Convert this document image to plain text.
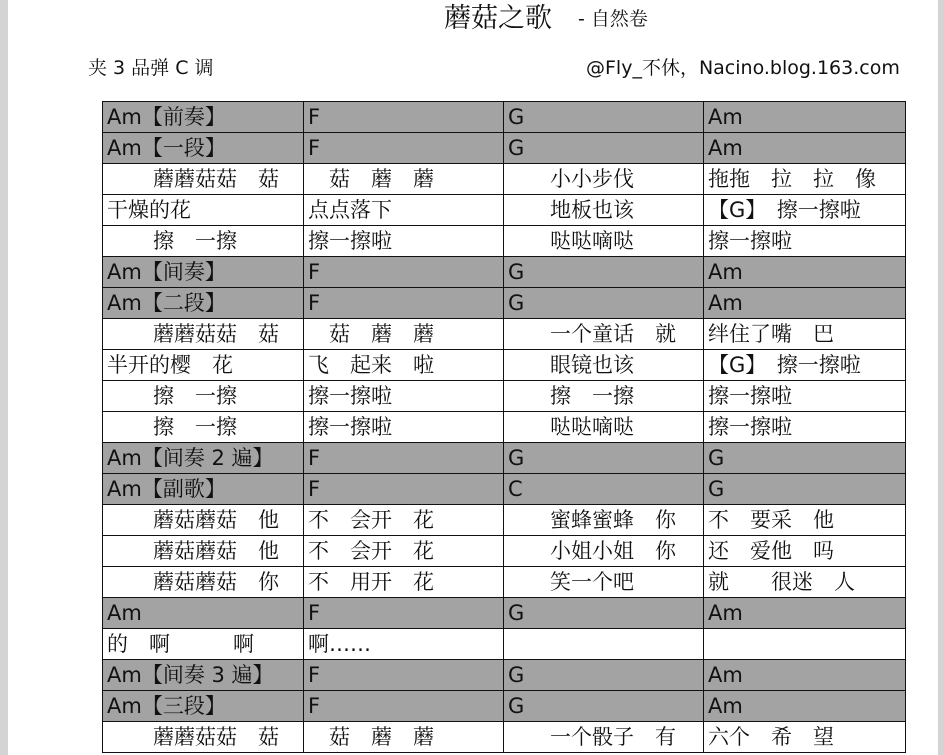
蘑菇之歌 - 自然卷
夹 3 品弹 C 调	@Fly_不休，Nacino.blog.163.com
Am【前奏】	F	G	Am
Am【一段】	F	G	Am
蘑蘑菇菇　菇	　菇　蘑　蘑	　　小小步伐	拖拖　拉　拉　像
干燥的花	点点落下	　　地板也该	【G】　擦一擦啦
擦　一擦	擦一擦啦	　　哒哒嘀哒	擦一擦啦
Am【间奏】	F	G	Am
Am【二段】	F	G	Am
蘑蘑菇菇　菇	　菇　蘑　蘑	　　一个童话　就	绊住了嘴　巴
半开的樱　花	飞　起来　啦	　　眼镜也该	【G】　擦一擦啦
擦　一擦	擦一擦啦	　　擦　一擦	擦一擦啦
擦　一擦	擦一擦啦	　　哒哒嘀哒	擦一擦啦
Am【间奏 2 遍】	F	G	G
Am【副歌】	F	C	G
蘑菇蘑菇　他	不　会开　花	　　蜜蜂蜜蜂　你	不　要采　他
蘑菇蘑菇　他	不　会开　花	　　小姐小姐　你	还　爱他　吗
蘑菇蘑菇　你	不　用开　花	　　笑一个吧	就　　很迷　人
Am	F	G	Am
的　啊　　　啊	啊……		
Am【间奏 3 遍】	F	G	Am
Am【三段】	F	G	Am
蘑蘑菇菇　菇	　菇　蘑　蘑	　　一个骰子　有	六个　希　望
